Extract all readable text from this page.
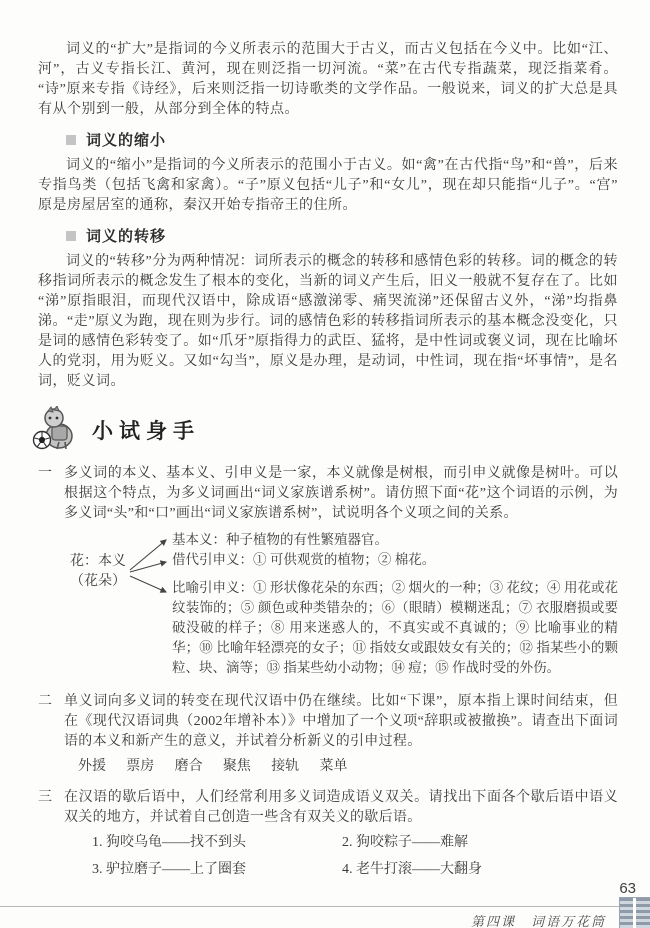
词义的“扩大”是指词的今义所表示的范围大于古义，而古义包括在今义中。比如“江、河”，古义专指长江、黄河，现在则泛指一切河流。“菜”在古代专指蔬菜，现泛指菜肴。“诗”原来专指《诗经》，后来则泛指一切诗歌类的文学作品。一般说来，词义的扩大总是具有从个别到一般，从部分到全体的特点。

词义的缩小

词义的“缩小”是指词的今义所表示的范围小于古义。如“禽”在古代指“鸟”和“兽”，后来专指鸟类（包括飞禽和家禽）。“子”原义包括“儿子”和“女儿”，现在却只能指“儿子”。“宫”原是房屋居室的通称，秦汉开始专指帝王的住所。

词义的转移

词义的“转移”分为两种情况：词所表示的概念的转移和感情色彩的转移。词的概念的转移指词所表示的概念发生了根本的变化，当新的词义产生后，旧义一般就不复存在了。比如“涕”原指眼泪，而现代汉语中，除成语“感激涕零、痛哭流涕”还保留古义外，“涕”均指鼻涕。“走”原义为跑，现在则为步行。词的感情色彩的转移指词所表示的基本概念没变化，只是词的感情色彩转变了。如“爪牙”原指得力的武臣、猛将，是中性词或褒义词，现在比喻坏人的党羽，用为贬义。又如“勾当”，原义是办理，是动词，中性词，现在指“坏事情”，是名词，贬义词。

小试身手
一 多义词的本义、基本义、引申义是一家，本义就像是树根，而引申义就像是树叶。可以根据这个特点，为多义词画出“词义家族谱系树”。请仿照下面“花”这个词语的示例，为多义词“头”和“口”画出“词义家族谱系树”，试说明各个义项之间的关系。

花：本义
（花朵）

基本义：种子植物的有性繁殖器官。

借代引申义：① 可供观赏的植物；② 棉花。

比喻引申义：① 形状像花朵的东西；② 烟火的一种；③ 花纹；④ 用花或花纹装饰的；⑤ 颜色或种类错杂的；⑥（眼睛）模糊迷乱；⑦ 衣服磨损或要破没破的样子；⑧ 用来迷惑人的，不真实或不真诚的；⑨ 比喻事业的精华；⑩ 比喻年轻漂亮的女子；⑪ 指妓女或跟妓女有关的；⑫ 指某些小的颗粒、块、滴等；⑬ 指某些幼小动物；⑭ 痘；⑮ 作战时受的外伤。

二 单义词向多义词的转变在现代汉语中仍在继续。比如“下课”，原本指上课时间结束，但在《现代汉语词典（2002年增补本）》中增加了一个义项“辞职或被撤换”。请查出下面词语的本义和新产生的意义，并试着分析新义的引申过程。

外援 票房 磨合 聚焦 接轨 菜单
三 在汉语的歇后语中，人们经常利用多义词造成语义双关。请找出下面各个歇后语中语义双关的地方，并试着自己创造一些含有双关义的歇后语。

1. 狗咬乌龟——找不到头	2. 狗咬粽子——难解
3. 驴拉磨子——上了圈套	4. 老牛打滚——大翻身
63
第四课　词语万花筒
